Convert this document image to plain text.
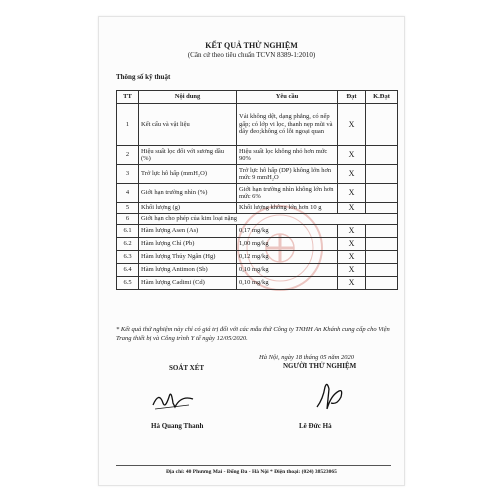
KẾT QUẢ THỬ NGHIỆM
(Căn cứ theo tiêu chuẩn TCVN 8389-1:2010)
Thông số kỹ thuật
TT	Nội dung	Yêu cầu	Đạt	K.Đạt
1	Kết cấu và vật liệu	Vải không dệt, dạng phẳng, có nếp gấp; có lớp vi lọc, thanh nẹp mũi và dây đeo;không có lỗi ngoại quan	X	
2	Hiệu suất lọc đối với sương dầu (%)	Hiệu suất lọc không nhỏ hơn mức 90%	X	
3	Trở lực hô hấp (mmH₂O)	Trở lực hô hấp (DP) không lớn hơn mức 9 mmH₂O	X	
4	Giới hạn trường nhìn (%)	Giới hạn trường nhìn không lớn hơn mức 6%	X	
5	Khối lượng (g)	Khối lượng không lớn hơn 10 g	X	
6	Giới hạn cho phép của kim loại nặng			
6.1	Hàm lượng Asen (As)	0,17 mg/kg	X	
6.2	Hàm lượng Chì (Pb)	1,00 mg/kg	X	
6.3	Hàm lượng Thủy Ngân (Hg)	0,12 mg/kg	X	
6.4	Hàm lượng Antimon (Sb)	0,10 mg/kg	X	
6.5	Hàm lượng Cadimi (Cd)	0,10 mg/kg	X	
* Kết quả thử nghiệm này chỉ có giá trị đối với các mẫu thử Công ty TNHH An Khánh cung cấp cho Viện Trang thiết bị và Công trình Y tế ngày 12/05/2020.
Hà Nội, ngày 18 tháng 05 năm 2020
SOÁT XÉT	NGƯỜI THỬ NGHIỆM
Hà Quang Thanh	Lê Đức Hà
Địa chỉ: 40 Phương Mai - Đống Đa - Hà Nội * Điện thoại: (024) 38523065
